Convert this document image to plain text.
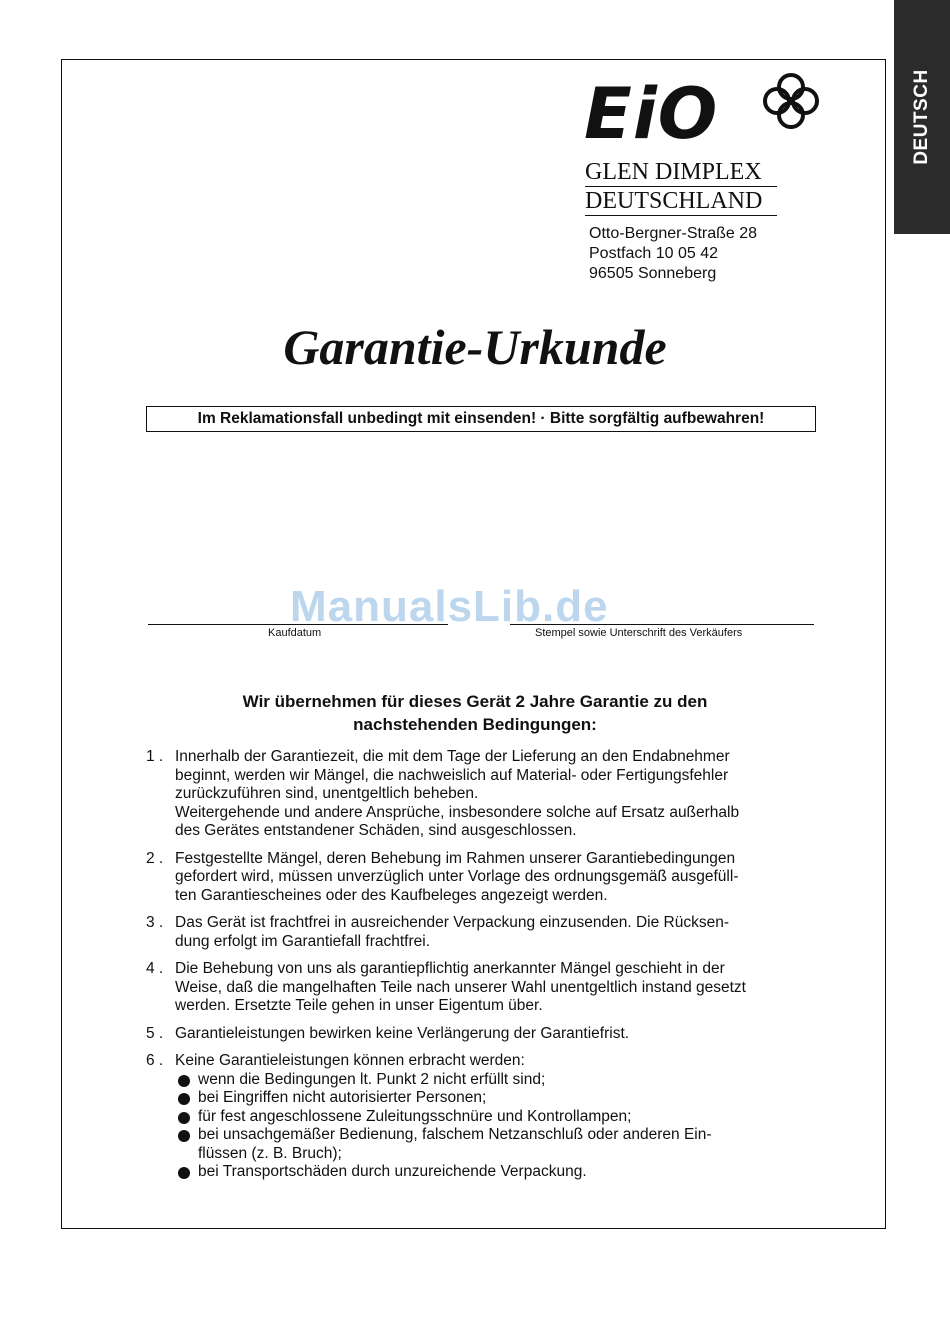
DEUTSCH
EiO
GLEN DIMPLEX
DEUTSCHLAND
Otto-Bergner-Straße 28
Postfach 10 05 42
96505 Sonneberg
Garantie-Urkunde
Im Reklamationsfall unbedingt mit einsenden! · Bitte sorgfältig aufbewahren!
ManualsLib.de
Kaufdatum	Stempel sowie Unterschrift des Verkäufers
Wir übernehmen für dieses Gerät 2 Jahre Garantie zu den
nachstehenden Bedingungen:
1 . Innerhalb der Garantiezeit, die mit dem Tage der Lieferung an den Endabnehmer

beginnt, werden wir Mängel, die nachweislich auf Material- oder Fertigungsfehler

zurückzuführen sind, unentgeltlich beheben.

Weitergehende und andere Ansprüche, insbesondere solche auf Ersatz außerhalb

des Gerätes entstandener Schäden, sind ausgeschlossen.

2 . Festgestellte Mängel, deren Behebung im Rahmen unserer Garantiebedingungen

gefordert wird, müssen unverzüglich unter Vorlage des ordnungsgemäß ausgefüll-

ten Garantiescheines oder des Kaufbeleges angezeigt werden.

3 . Das Gerät ist frachtfrei in ausreichender Verpackung einzusenden. Die Rücksen-

dung erfolgt im Garantiefall frachtfrei.

4 . Die Behebung von uns als garantiepflichtig anerkannter Mängel geschieht in der

Weise, daß die mangelhaften Teile nach unserer Wahl unentgeltlich instand gesetzt

werden. Ersetzte Teile gehen in unser Eigentum über.

5 . Garantieleistungen bewirken keine Verlängerung der Garantiefrist.

6 . Keine Garantieleistungen können erbracht werden:

wenn die Bedingungen lt. Punkt 2 nicht erfüllt sind;
bei Eingriffen nicht autorisierter Personen;
für fest angeschlossene Zuleitungsschnüre und Kontrollampen;
bei unsachgemäßer Bedienung, falschem Netzanschluß oder anderen Ein-
flüssen (z. B. Bruch);
bei Transportschäden durch unzureichende Verpackung.
